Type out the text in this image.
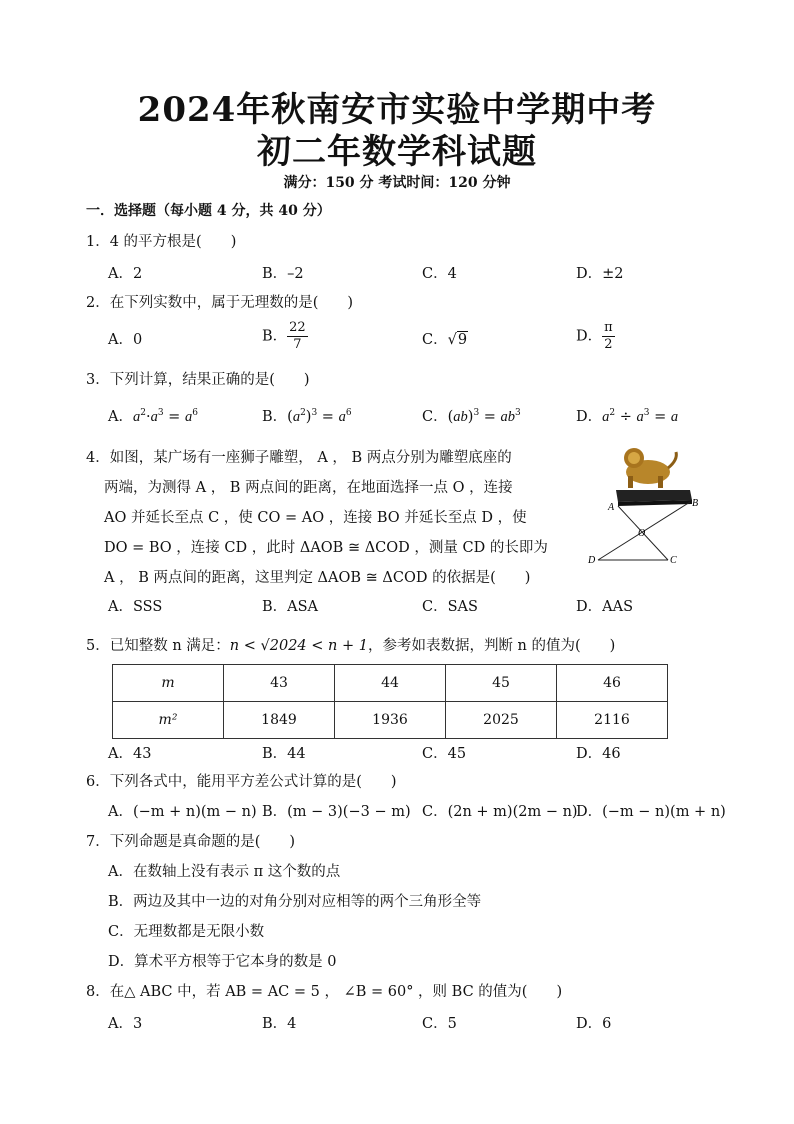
2024年秋南安市实验中学期中考
初二年数学科试题
满分：150 分 考试时间：120 分钟
一．选择题（每小题 4 分，共 40 分）
1．4 的平方根是(　　)
A．2	B．–2	C．4	D．±2
2．在下列实数中，属于无理数的是(　　)
A．0	B． $\frac{22}{7}$	C．√9	D． $\frac{\pi}{2}$
3．下列计算，结果正确的是(　　)
A．$a^2\cdot a^3 = a^6$	B．$(a^2)^3 = a^6$	C．$(ab)^3 = ab^3$	D．$a^2 \div a^3 = a$
4．如图，某广场有一座狮子雕塑， A ， B 两点分别为雕塑底座的
两端，为测得 A ， B 两点间的距离，在地面选择一点 O ，连接
AO 并延长至点 C ，使 CO = AO ，连接 BO 并延长至点 D ，使
DO = BO ，连接 CD ，此时 ΔAOB ≅ ΔCOD ，测量 CD 的长即为
A ， B 两点间的距离，这里判定 ΔAOB ≅ ΔCOD 的依据是(　　)
A	B
O
D	C
A．SSS	B．ASA	C．SAS	D．AAS
5．已知整数 n 满足：n < √2024 < n + 1，参考如表数据，判断 n 的值为(　　)
m	43	44	45	46
m²	1849	1936	2025	2116
A．43	B．44	C．45	D．46
6．下列各式中，能用平方差公式计算的是(　　)
A．(−m + n)(m − n) B．(m − 3)(−3 − m) C．(2n + m)(2m − n)
D．(−m − n)(m + n)
7．下列命题是真命题的是(　　)
A．在数轴上没有表示 π 这个数的点
B．两边及其中一边的对角分别对应相等的两个三角形全等
C．无理数都是无限小数
D．算术平方根等于它本身的数是 0
8．在△ ABC 中，若 AB = AC = 5 ， ∠B = 60° ，则 BC 的值为(　　)
A．3	B．4	C．5	D．6
